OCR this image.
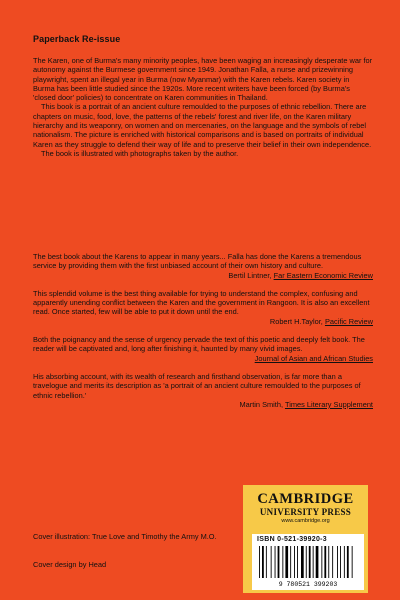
Paperback Re-issue

The Karen, one of Burma's many minority peoples, have been waging an increasingly desperate war for autonomy against the Burmese government since 1949. Jonathan Falla, a nurse and prizewinning playwright, spent an illegal year in Burma (now Myanmar) with the Karen rebels. Karen society in Burma has been little studied since the 1920s. More recent writers have been forced (by Burma's 'closed door' policies) to concentrate on Karen communities in Thailand.

This book is a portrait of an ancient culture remoulded to the purposes of ethnic rebellion. There are chapters on music, food, love, the patterns of the rebels' forest and river life, on the Karen military hierarchy and its weaponry, on women and on mercenaries, on the language and the symbols of rebel nationalism. The picture is enriched with historical comparisons and is based on portraits of individual Karen as they struggle to defend their way of life and to preserve their belief in their own independence.

The book is illustrated with photographs taken by the author.

The best book about the Karens to appear in many years... Falla has done the Karens a tremendous service by providing them with the first unbiased account of their own history and culture.

Bertil Lintner, Far Eastern Economic Review

This splendid volume is the best thing available for trying to understand the complex, confusing and apparently unending conflict between the Karen and the government in Rangoon. It is also an excellent read. Once started, few will be able to put it down until the end.

Robert H.Taylor, Pacific Review

Both the poignancy and the sense of urgency pervade the text of this poetic and deeply felt book. The reader will be captivated and, long after finishing it, haunted by many vivid images.

Journal of Asian and African Studies

His absorbing account, with its wealth of research and firsthand observation, is far more than a travelogue and merits its description as 'a portrait of an ancient culture remoulded to the purposes of ethnic rebellion.'

Martin Smith, Times Literary Supplement
CAMBRIDGE
UNIVERSITY PRESS
www.cambridge.org
ISBN 0-521-39920-3
9 780521 399203
Cover illustration: True Love and Timothy the Army M.O.
Cover design by Head
